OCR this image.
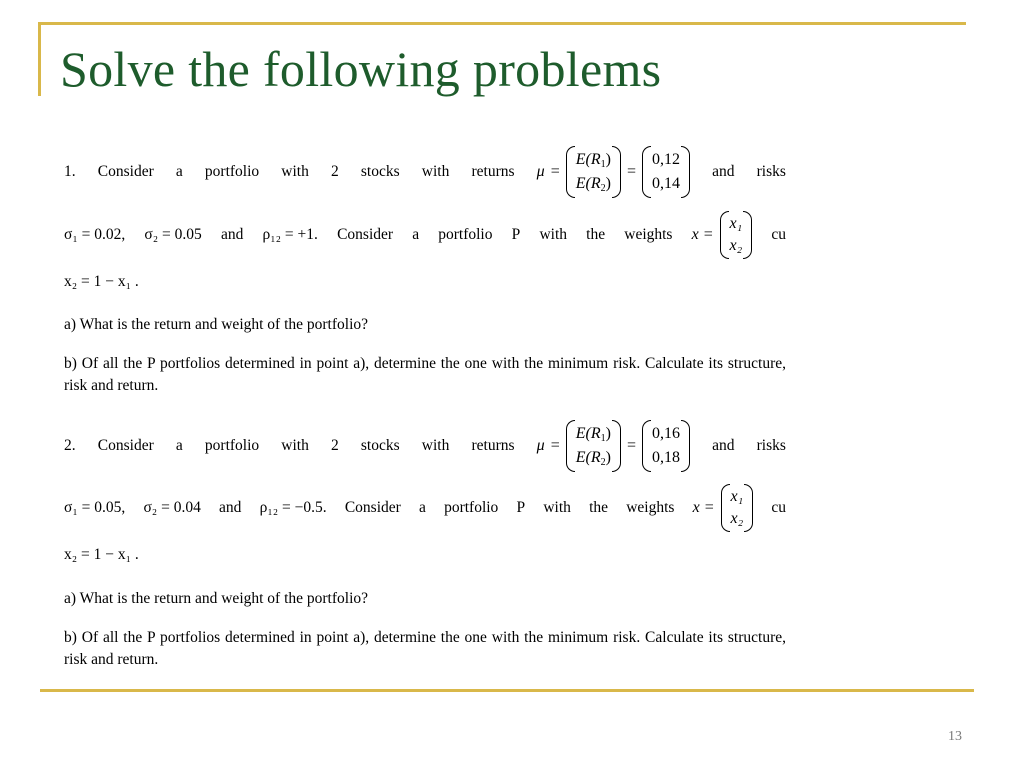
Solve the following problems
1. Consider a portfolio with 2 stocks with returns μ =
$E(R_1)$
$E(R_2)$
=
0,12
0,14
and risks
σ₁ = 0.02, σ₂ = 0.05 and ρ₁₂ = +1. Consider a portfolio P with the weights x =
x₁
x₂
cu
x₂ = 1 − x₁ .
a) What is the return and weight of the portfolio?
b) Of all the P portfolios determined in point a), determine the one with the minimum risk. Calculate its structure, risk and return.
2. Consider a portfolio with 2 stocks with returns μ =
$E(R_1)$
$E(R_2)$
=
0,16
0,18
and risks
σ₁ = 0.05, σ₂ = 0.04 and ρ₁₂ = −0.5. Consider a portfolio P with the weights x =
x₁
x₂
cu
x₂ = 1 − x₁ .
a) What is the return and weight of the portfolio?
b) Of all the P portfolios determined in point a), determine the one with the minimum risk. Calculate its structure, risk and return.
13
